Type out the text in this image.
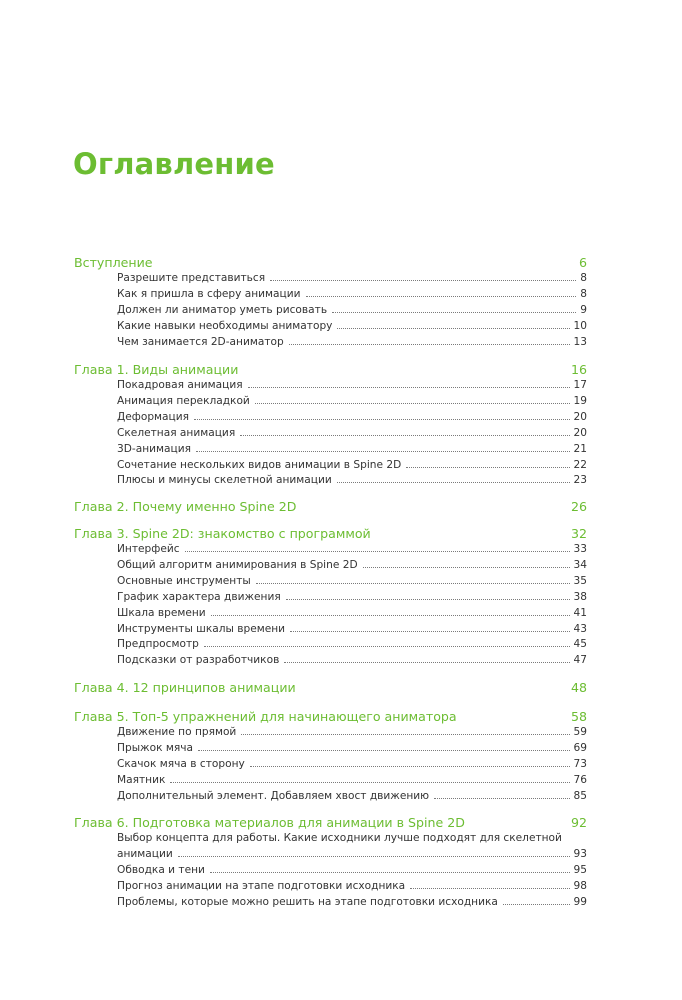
Оглавление
Вступление	6
Разрешите представиться	8
Как я пришла в сферу анимации	8
Должен ли аниматор уметь рисовать	9
Какие навыки необходимы аниматору	10
Чем занимается 2D-аниматор	13
Глава 1. Виды анимации	16
Покадровая анимация	17
Анимация перекладкой	19
Деформация	20
Скелетная анимация	20
3D-анимация	21
Сочетание нескольких видов анимации в Spine 2D	22
Плюсы и минусы скелетной анимации	23
Глава 2. Почему именно Spine 2D	26
Глава 3. Spine 2D: знакомство с программой	32
Интерфейс	33
Общий алгоритм анимирования в Spine 2D	34
Основные инструменты	35
График характера движения	38
Шкала времени	41
Инструменты шкалы времени	43
Предпросмотр	45
Подсказки от разработчиков	47
Глава 4. 12 принципов анимации	48
Глава 5. Топ-5 упражнений для начинающего аниматора	58
Движение по прямой	59
Прыжок мяча	69
Скачок мяча в сторону	73
Маятник	76
Дополнительный элемент. Добавляем хвост движению	85
Глава 6. Подготовка материалов для анимации в Spine 2D	92
Выбор концепта для работы. Какие исходники лучше подходят для скелетной
анимации	93
Обводка и тени	95
Прогноз анимации на этапе подготовки исходника	98
Проблемы, которые можно решить на этапе подготовки исходника	99
